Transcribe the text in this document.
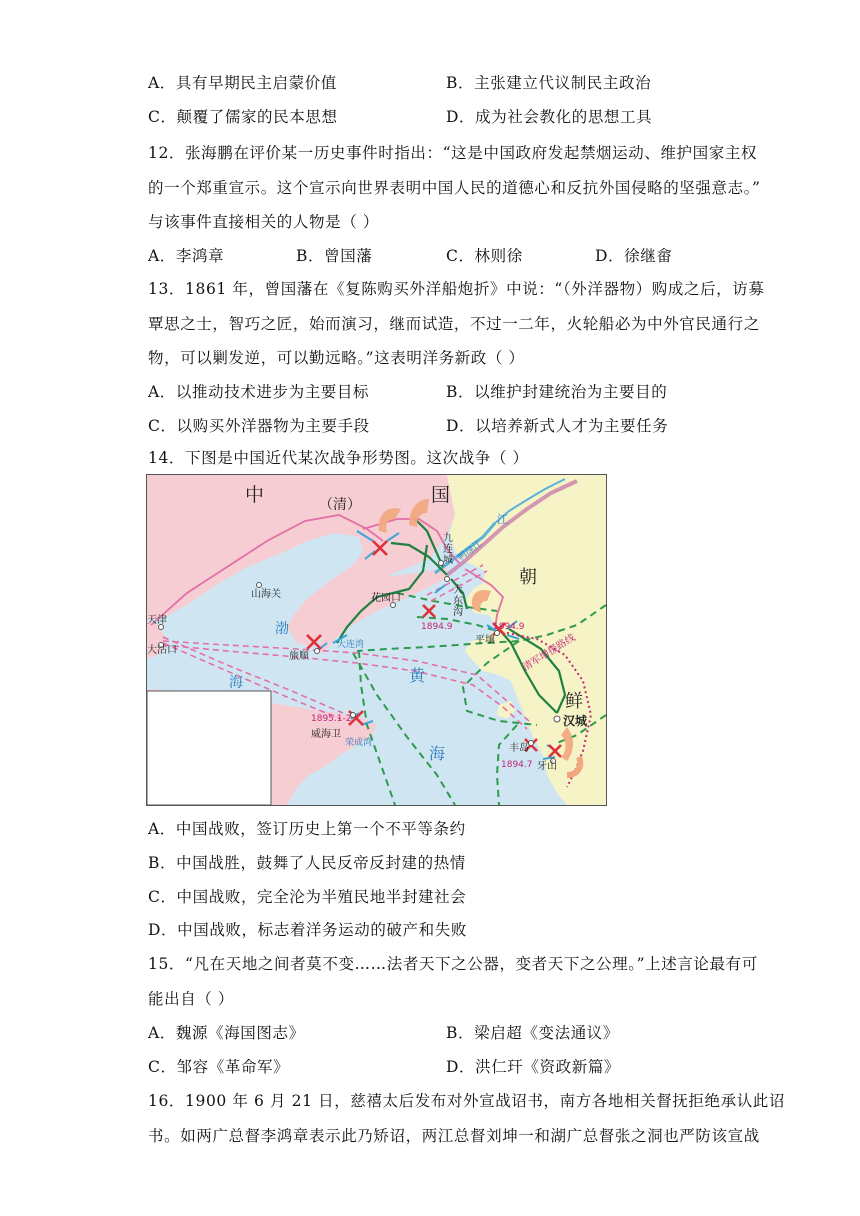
A．具有早期民主启蒙价值	B．主张建立代议制民主政治
C．颠覆了儒家的民本思想	D．成为社会教化的思想工具
12．张海鹏在评价某一历史事件时指出：“这是中国政府发起禁烟运动、维护国家主权
的一个郑重宣示。这个宣示向世界表明中国人民的道德心和反抗外国侵略的坚强意志。”
与该事件直接相关的人物是（ ）
A．李鸿章	B．曾国藩	C．林则徐	D．徐继畲
13．1861 年，曾国藩在《复陈购买外洋船炮折》中说：“（外洋器物）购成之后，访募
覃思之士，智巧之匠，始而演习，继而试造，不过一二年，火轮船必为中外官民通行之
物，可以剿发逆，可以勤远略。”这表明洋务新政（ ）
A．以推动技术进步为主要目标	B．以维护封建统治为主要目的
C．以购买外洋器物为主要手段	D．以培养新式人才为主要任务
14．下图是中国近代某次战争形势图。这次战争（ ）
清军增援路线
中	（清）	国
朝
鲜
渤
海	黄
海
山海关
天津
大沽口
旅顺
花园口
大连湾
九连城
大东沟
1894.9	1894.9
平壤
汉城
丰岛
1894.7 牙山
1895.1-2
威海卫
荣成湾
鸭绿江
江
A．中国战败，签订历史上第一个不平等条约
B．中国战胜，鼓舞了人民反帝反封建的热情
C．中国战败，完全沦为半殖民地半封建社会
D．中国战败，标志着洋务运动的破产和失败
15．“凡在天地之间者莫不变……法者天下之公器，变者天下之公理。”上述言论最有可
能出自（ ）
A．魏源《海国图志》	B．梁启超《变法通议》
C．邹容《革命军》	D．洪仁玕《资政新篇》
16．1900 年 6 月 21 日，慈禧太后发布对外宣战诏书，南方各地相关督抚拒绝承认此诏
书。如两广总督李鸿章表示此乃矫诏，两江总督刘坤一和湖广总督张之洞也严防该宣战
